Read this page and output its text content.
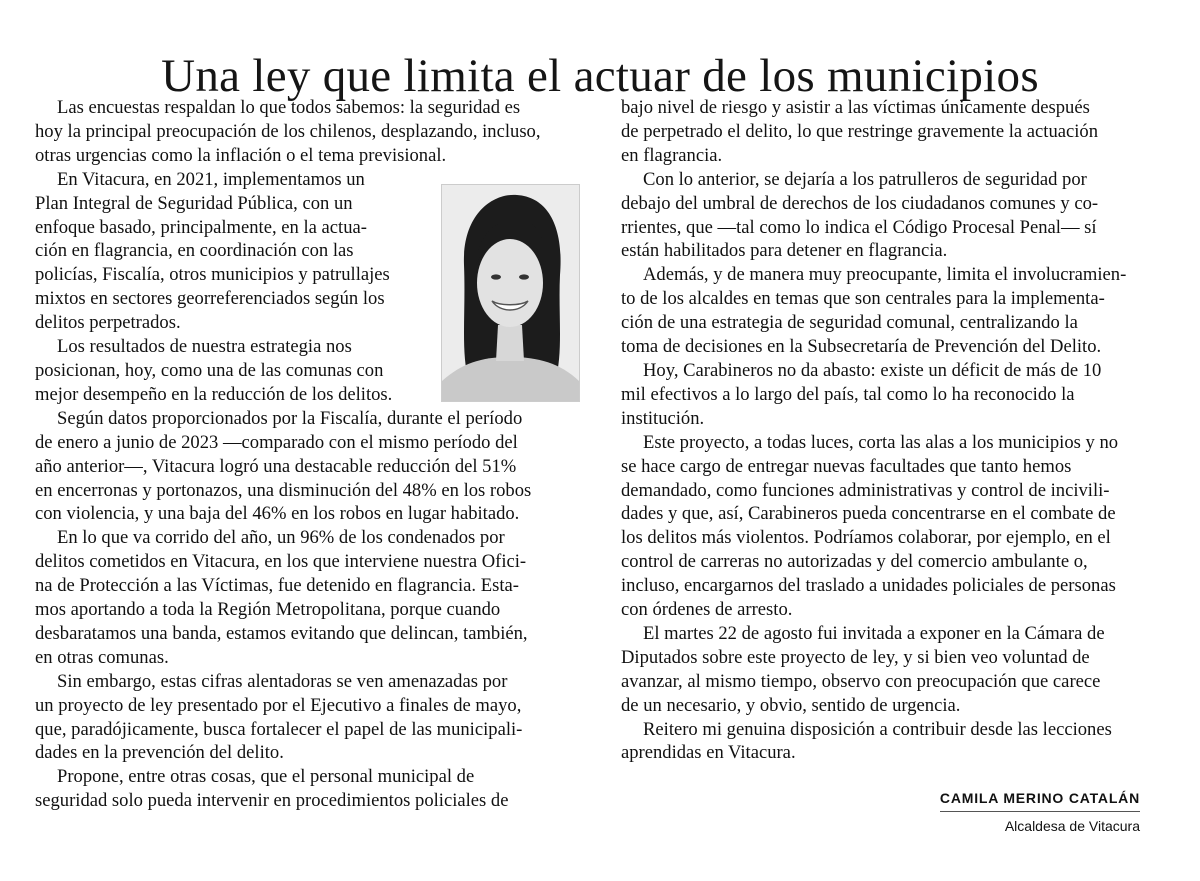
Una ley que limita el actuar de los municipios

Las encuestas respaldan lo que todos sabemos: la seguridad es

hoy la principal preocupación de los chilenos, desplazando, incluso,

otras urgencias como la inflación o el tema previsional.

En Vitacura, en 2021, implementamos un

Plan Integral de Seguridad Pública, con un

enfoque basado, principalmente, en la actua-

ción en flagrancia, en coordinación con las

policías, Fiscalía, otros municipios y patrullajes

mixtos en sectores georreferenciados según los

delitos perpetrados.

Los resultados de nuestra estrategia nos

posicionan, hoy, como una de las comunas con

mejor desempeño en la reducción de los delitos.

Según datos proporcionados por la Fiscalía, durante el período

de enero a junio de 2023 —comparado con el mismo período del

año anterior—, Vitacura logró una destacable reducción del 51%

en encerronas y portonazos, una disminución del 48% en los robos

con violencia, y una baja del 46% en los robos en lugar habitado.

En lo que va corrido del año, un 96% de los condenados por

delitos cometidos en Vitacura, en los que interviene nuestra Ofici-

na de Protección a las Víctimas, fue detenido en flagrancia. Esta-

mos aportando a toda la Región Metropolitana, porque cuando

desbaratamos una banda, estamos evitando que delincan, también,

en otras comunas.

Sin embargo, estas cifras alentadoras se ven amenazadas por

un proyecto de ley presentado por el Ejecutivo a finales de mayo,

que, paradójicamente, busca fortalecer el papel de las municipali-

dades en la prevención del delito.

Propone, entre otras cosas, que el personal municipal de

seguridad solo pueda intervenir en procedimientos policiales de

bajo nivel de riesgo y asistir a las víctimas únicamente después

de perpetrado el delito, lo que restringe gravemente la actuación

en flagrancia.

Con lo anterior, se dejaría a los patrulleros de seguridad por

debajo del umbral de derechos de los ciudadanos comunes y co-

rrientes, que —tal como lo indica el Código Procesal Penal— sí

están habilitados para detener en flagrancia.

Además, y de manera muy preocupante, limita el involucramien-

to de los alcaldes en temas que son centrales para la implementa-

ción de una estrategia de seguridad comunal, centralizando la

toma de decisiones en la Subsecretaría de Prevención del Delito.

Hoy, Carabineros no da abasto: existe un déficit de más de 10

mil efectivos a lo largo del país, tal como lo ha reconocido la

institución.

Este proyecto, a todas luces, corta las alas a los municipios y no

se hace cargo de entregar nuevas facultades que tanto hemos

demandado, como funciones administrativas y control de incivili-

dades y que, así, Carabineros pueda concentrarse en el combate de

los delitos más violentos. Podríamos colaborar, por ejemplo, en el

control de carreras no autorizadas y del comercio ambulante o,

incluso, encargarnos del traslado a unidades policiales de personas

con órdenes de arresto.

El martes 22 de agosto fui invitada a exponer en la Cámara de

Diputados sobre este proyecto de ley, y si bien veo voluntad de

avanzar, al mismo tiempo, observo con preocupación que carece

de un necesario, y obvio, sentido de urgencia.

Reitero mi genuina disposición a contribuir desde las lecciones

aprendidas en Vitacura.

CAMILA MERINO CATALÁN
Alcaldesa de Vitacura
